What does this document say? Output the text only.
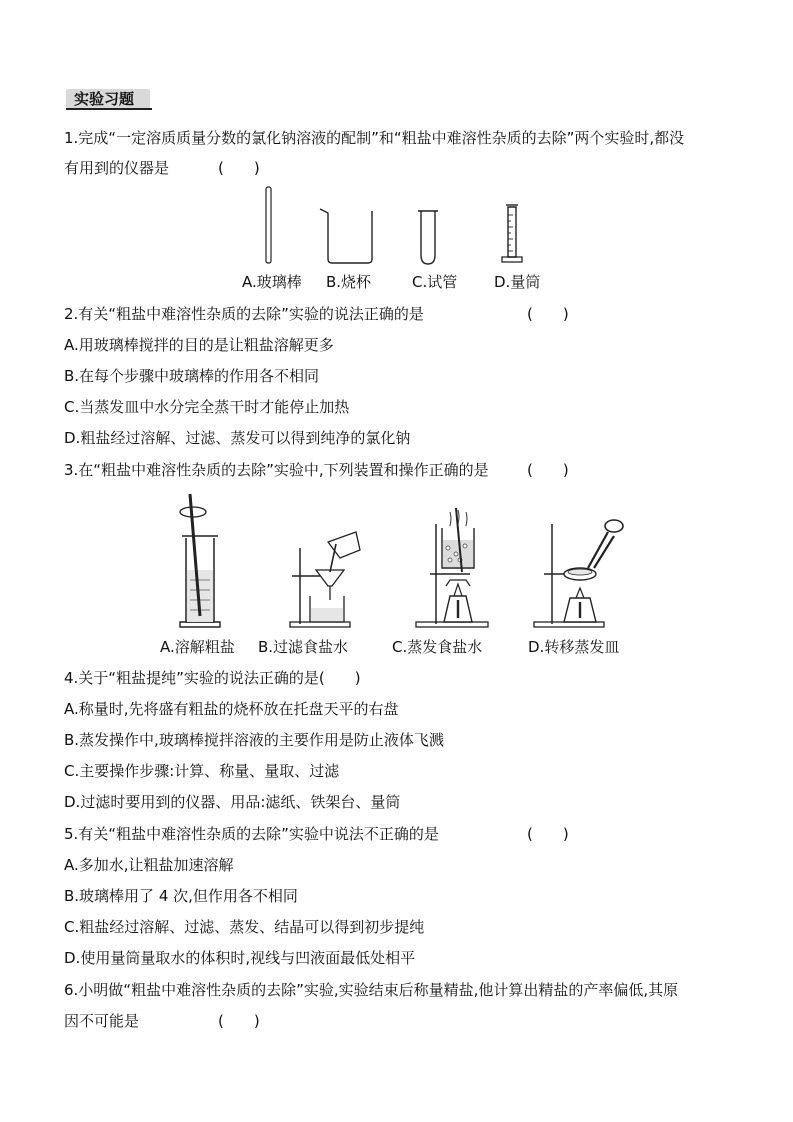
实验习题
1.完成“一定溶质质量分数的氯化钠溶液的配制”和“粗盐中难溶性杂质的去除”两个实验时,都没
有用到的仪器是	(　　)
A.玻璃棒 B.烧杯	C.试管 D.量筒
2.有关“粗盐中难溶性杂质的去除”实验的说法正确的是	(　　)
A.用玻璃棒搅拌的目的是让粗盐溶解更多
B.在每个步骤中玻璃棒的作用各不相同
C.当蒸发皿中水分完全蒸干时才能停止加热
D.粗盐经过溶解、过滤、蒸发可以得到纯净的氯化钠
3.在“粗盐中难溶性杂质的去除”实验中,下列装置和操作正确的是	(　　)
A.溶解粗盐 B.过滤食盐水	C.蒸发食盐水	D.转移蒸发皿
4.关于“粗盐提纯”实验的说法正确的是(　　)
A.称量时,先将盛有粗盐的烧杯放在托盘天平的右盘
B.蒸发操作中,玻璃棒搅拌溶液的主要作用是防止液体飞溅
C.主要操作步骤:计算、称量、量取、过滤
D.过滤时要用到的仪器、用品:滤纸、铁架台、量筒
5.有关“粗盐中难溶性杂质的去除”实验中说法不正确的是	(　　)
A.多加水,让粗盐加速溶解
B.玻璃棒用了 4 次,但作用各不相同
C.粗盐经过溶解、过滤、蒸发、结晶可以得到初步提纯
D.使用量筒量取水的体积时,视线与凹液面最低处相平
6.小明做“粗盐中难溶性杂质的去除”实验,实验结束后称量精盐,他计算出精盐的产率偏低,其原
因不可能是	(　　)
